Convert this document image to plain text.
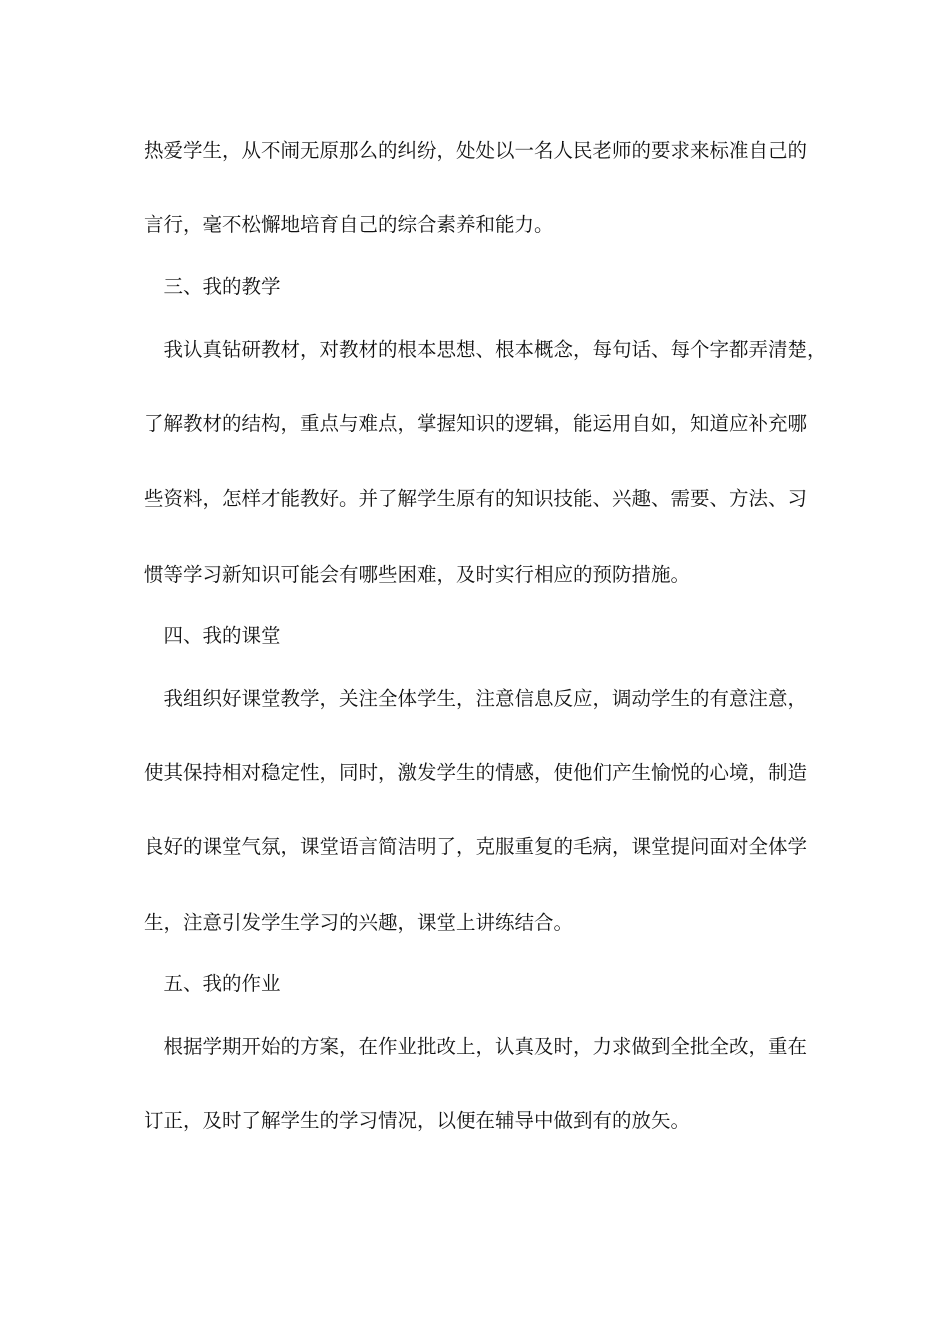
热爱学生，从不闹无原那么的纠纷，处处以一名人民老师的要求来标准自己的
言行，毫不松懈地培育自己的综合素养和能力。
　三、我的教学
　我认真钻研教材，对教材的根本思想、根本概念，每句话、每个字都弄清楚，
了解教材的结构，重点与难点，掌握知识的逻辑，能运用自如，知道应补充哪
些资料，怎样才能教好。并了解学生原有的知识技能、兴趣、需要、方法、习
惯等学习新知识可能会有哪些困难，及时实行相应的预防措施。
　四、我的课堂
　我组织好课堂教学，关注全体学生，注意信息反应，调动学生的有意注意，
使其保持相对稳定性，同时，激发学生的情感，使他们产生愉悦的心境，制造
良好的课堂气氛，课堂语言简洁明了，克服重复的毛病，课堂提问面对全体学
生，注意引发学生学习的兴趣，课堂上讲练结合。
　五、我的作业
　根据学期开始的方案，在作业批改上，认真及时，力求做到全批全改，重在
订正，及时了解学生的学习情况，以便在辅导中做到有的放矢。
